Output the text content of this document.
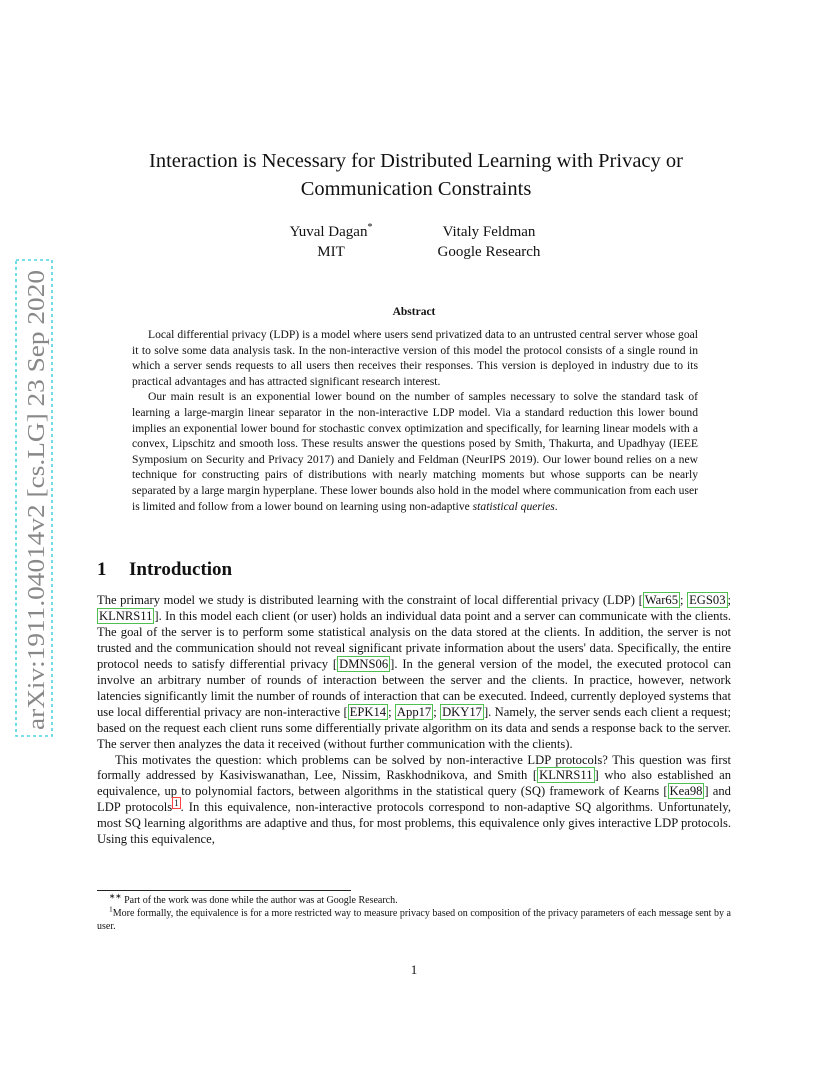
arXiv:1911.04014v2 [cs.LG] 23 Sep 2020
Interaction is Necessary for Distributed Learning with Privacy or Communication Constraints
Yuval Dagan*
MIT
Vitaly Feldman
Google Research
Abstract

Local differential privacy (LDP) is a model where users send privatized data to an untrusted central server whose goal it to solve some data analysis task. In the non-interactive version of this model the protocol consists of a single round in which a server sends requests to all users then receives their responses. This version is deployed in industry due to its practical advantages and has attracted significant research interest.

Our main result is an exponential lower bound on the number of samples necessary to solve the standard task of learning a large-margin linear separator in the non-interactive LDP model. Via a standard reduction this lower bound implies an exponential lower bound for stochastic convex optimization and specifically, for learning linear models with a convex, Lipschitz and smooth loss. These results answer the questions posed by Smith, Thakurta, and Upadhyay (IEEE Symposium on Security and Privacy 2017) and Daniely and Feldman (NeurIPS 2019). Our lower bound relies on a new technique for constructing pairs of distributions with nearly matching moments but whose supports can be nearly separated by a large margin hyperplane. These lower bounds also hold in the model where communication from each user is limited and follow from a lower bound on learning using non-adaptive statistical queries.

1 Introduction

The primary model we study is distributed learning with the constraint of local differential privacy (LDP) [ War65 ; EGS03 ; KLNRS11 ]. In this model each client (or user) holds an individual data point and a server can communicate with the clients. The goal of the server is to perform some statistical analysis on the data stored at the clients. In addition, the server is not trusted and the communication should not reveal significant private information about the users' data. Specifically, the entire protocol needs to satisfy differential privacy [ DMNS06 ]. In the general version of the model, the executed protocol can involve an arbitrary number of rounds of interaction between the server and the clients. In practice, however, network latencies significantly limit the number of rounds of interaction that can be executed. Indeed, currently deployed systems that use local differential privacy are non-interactive [ EPK14 ; App17 ; DKY17 ]. Namely, the server sends each client a request; based on the request each client runs some differentially private algorithm on its data and sends a response back to the server. The server then analyzes the data it received (without further communication with the clients).

This motivates the question: which problems can be solved by non-interactive LDP protocols? This question was first formally addressed by Kasiviswanathan, Lee, Nissim, Raskhodnikova, and Smith [ KLNRS11 ] who also established an equivalence, up to polynomial factors, between algorithms in the statistical query (SQ) framework of Kearns [ Kea98 ] and LDP protocols $^1$ . In this equivalence, non-interactive protocols correspond to non-adaptive SQ algorithms. Unfortunately, most SQ learning algorithms are adaptive and thus, for most problems, this equivalence only gives interactive LDP protocols. Using this equivalence,

∗∗ Part of the work was done while the author was at Google Research.

$^1$More formally, the equivalence is for a more restricted way to measure privacy based on composition of the privacy parameters of each message sent by a user.

1
